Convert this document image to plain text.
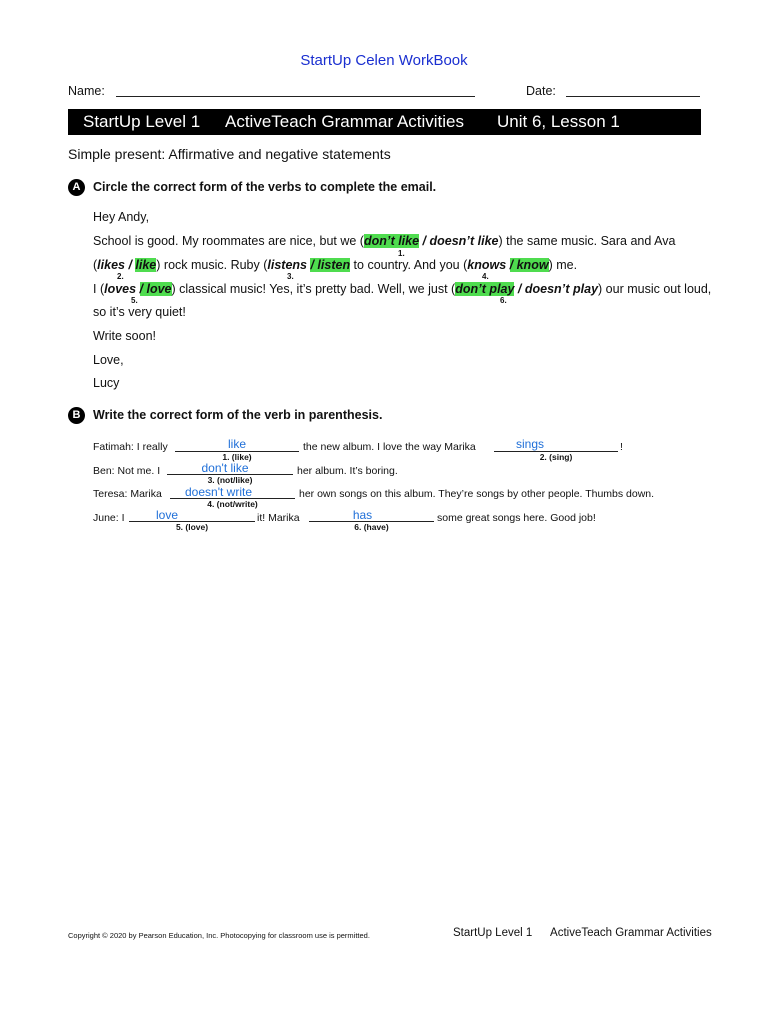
StartUp Celen WorkBook
Name:	Date:
StartUp Level 1 ActiveTeach Grammar Activities Unit 6, Lesson 1
Simple present: Affirmative and negative statements
A	Circle the correct form of the verbs to complete the email.
Hey Andy,
School is good. My roommates are nice, but we (don’t like / doesn’t like) the same music. Sara and Ava
1.
(likes / like) rock music. Ruby (listens / listen to country. And you (knows / know) me.
2.	3.	4.
I (loves / love) classical music! Yes, it’s pretty bad. Well, we just (don’t play / doesn’t play) our music out loud,
5.	6.
so it’s very quiet!
Write soon!
Love,
Lucy
B	Write the correct form of the verb in parenthesis.
Fatimah: I really	like
1. (like)
the new album. I love the way Marika	sings
2. (sing)
!
Ben: Not me. I	don't like
3. (not/like)
her album. It’s boring.
Teresa: Marika	doesn't write
4. (not/write)
her own songs on this album. They’re songs by other people. Thumbs down.
June: I	love
5. (love)
it! Marika	has
6. (have)
some great songs here. Good job!
Copyright © 2020 by Pearson Education, Inc. Photocopying for classroom use is permitted.	StartUp Level 1 ActiveTeach Grammar Activities
